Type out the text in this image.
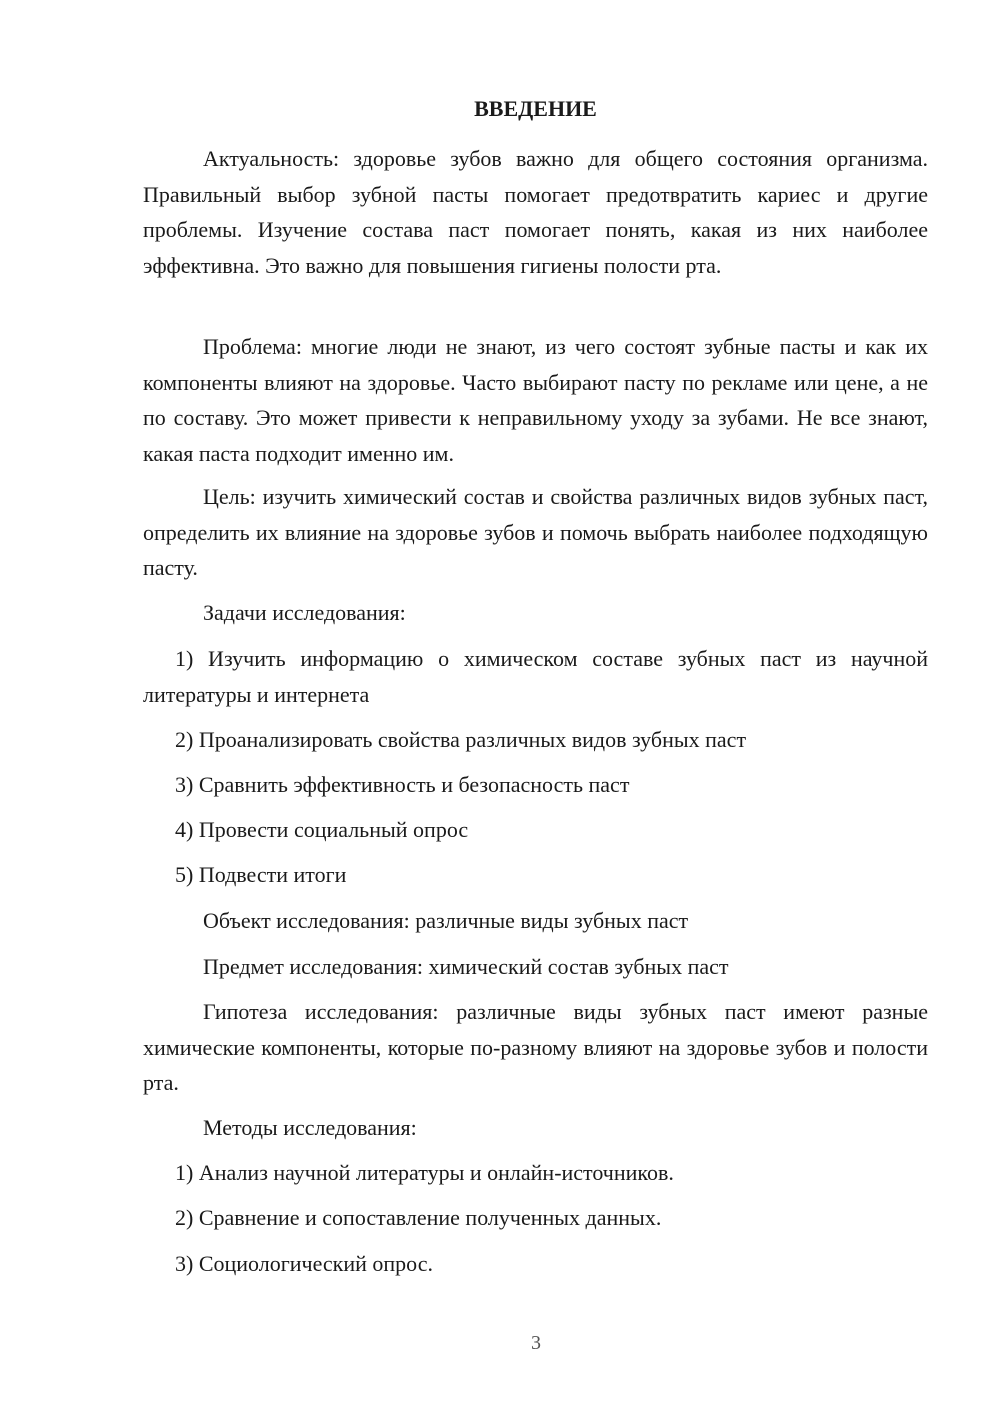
ВВЕДЕНИЕ

Актуальность: здоровье зубов важно для общего состояния организма. Правильный выбор зубной пасты помогает предотвратить кариес и другие проблемы. Изучение состава паст помогает понять, какая из них наиболее эффективна. Это важно для повышения гигиены полости рта.

Проблема: многие люди не знают, из чего состоят зубные пасты и как их компоненты влияют на здоровье. Часто выбирают пасту по рекламе или цене, а не по составу. Это может привести к неправильному уходу за зубами. Не все знают, какая паста подходит именно им.

Цель: изучить химический состав и свойства различных видов зубных паст, определить их влияние на здоровье зубов и помочь выбрать наиболее подходящую пасту.

Задачи исследования:

1) Изучить информацию о химическом составе зубных паст из научной литературы и интернета

2) Проанализировать свойства различных видов зубных паст
3) Сравнить эффективность и безопасность паст
4) Провести социальный опрос
5) Подвести итоги
Объект исследования: различные виды зубных паст
Предмет исследования: химический состав зубных паст

Гипотеза исследования: различные виды зубных паст имеют разные химические компоненты, которые по-разному влияют на здоровье зубов и полости рта.

Методы исследования:
1) Анализ научной литературы и онлайн-источников.
2) Сравнение и сопоставление полученных данных.
3) Социологический опрос.
3
